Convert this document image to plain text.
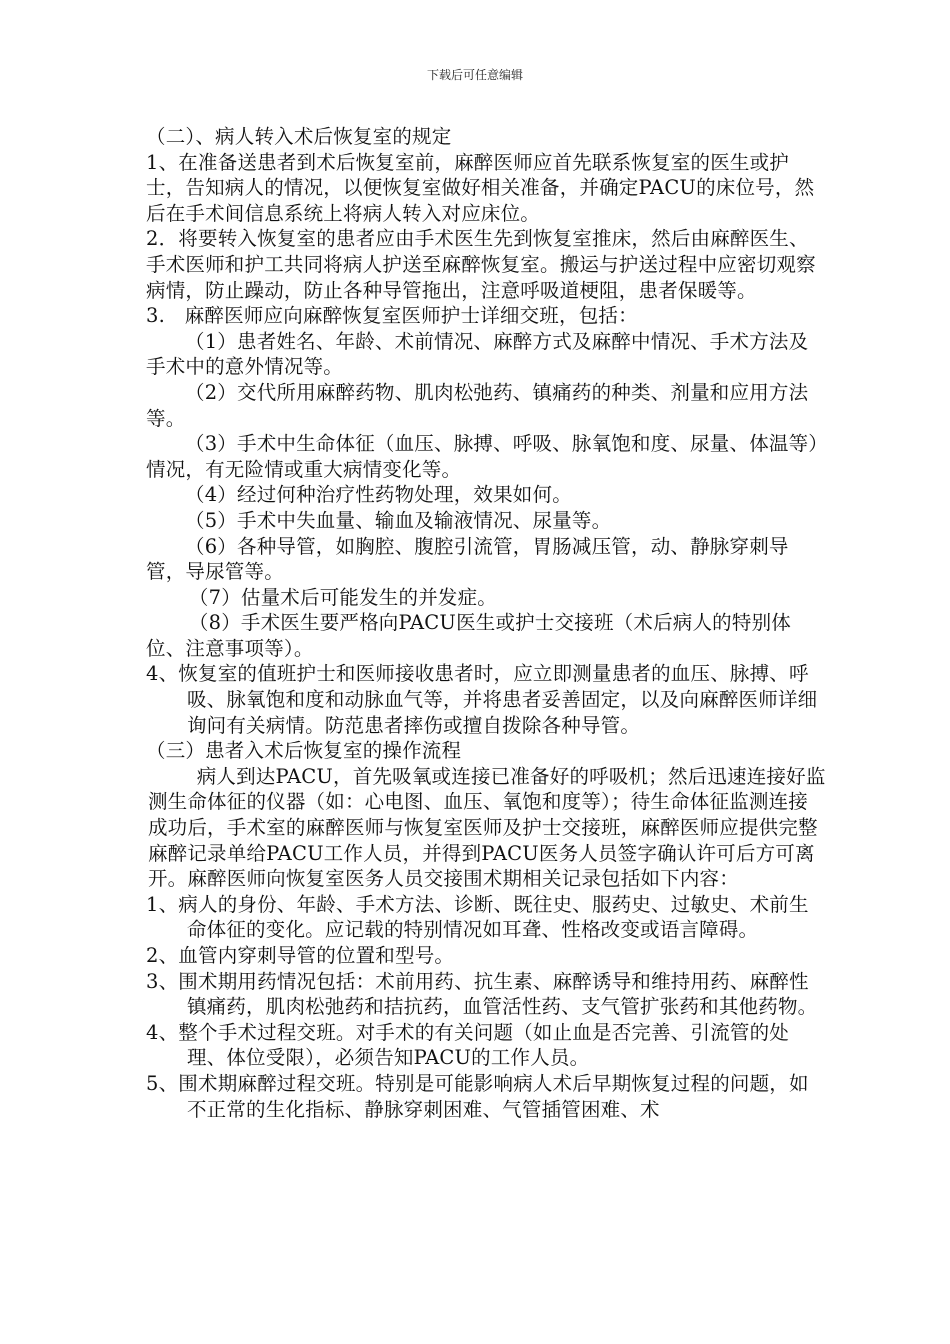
下载后可任意编辑

（二）、病人转入术后恢复室的规定

1、在准备送患者到术后恢复室前，麻醉医师应首先联系恢复室的医生或护士，告知病人的情况，以便恢复室做好相关准备，并确定PACU的床位号，然后在手术间信息系统上将病人转入对应床位。

2．将要转入恢复室的患者应由手术医生先到恢复室推床，然后由麻醉医生、手术医师和护工共同将病人护送至麻醉恢复室。搬运与护送过程中应密切观察病情，防止躁动，防止各种导管拖出，注意呼吸道梗阻，患者保暖等。

3.　麻醉医师应向麻醉恢复室医师护士详细交班，包括：

（1）患者姓名、年龄、术前情况、麻醉方式及麻醉中情况、手术方法及手术中的意外情况等。

（2）交代所用麻醉药物、肌肉松弛药、镇痛药的种类、剂量和应用方法等。

（3）手术中生命体征（血压、脉搏、呼吸、脉氧饱和度、尿量、体温等）情况，有无险情或重大病情变化等。

（4）经过何种治疗性药物处理，效果如何。

（5）手术中失血量、输血及输液情况、尿量等。

（6）各种导管，如胸腔、腹腔引流管，胃肠减压管，动、静脉穿刺导管，导尿管等。

（7）估量术后可能发生的并发症。

（8）手术医生要严格向PACU医生或护士交接班（术后病人的特别体位、注意事项等）。

4、恢复室的值班护士和医师接收患者时，应立即测量患者的血压、脉搏、呼吸、脉氧饱和度和动脉血气等，并将患者妥善固定，以及向麻醉医师详细询问有关病情。防范患者摔伤或擅自拨除各种导管。

（三）患者入术后恢复室的操作流程

病人到达PACU，首先吸氧或连接已准备好的呼吸机；然后迅速连接好监测生命体征的仪器（如：心电图、血压、氧饱和度等）；待生命体征监测连接成功后，手术室的麻醉医师与恢复室医师及护士交接班，麻醉医师应提供完整麻醉记录单给PACU工作人员，并得到PACU医务人员签字确认许可后方可离开。麻醉医师向恢复室医务人员交接围术期相关记录包括如下内容：

1、病人的身份、年龄、手术方法、诊断、既往史、服药史、过敏史、术前生命体征的变化。应记载的特别情况如耳聋、性格改变或语言障碍。

2、血管内穿刺导管的位置和型号。

3、围术期用药情况包括：术前用药、抗生素、麻醉诱导和维持用药、麻醉性镇痛药，肌肉松弛药和拮抗药，血管活性药、支气管扩张药和其他药物。

4、整个手术过程交班。对手术的有关问题（如止血是否完善、引流管的处理、体位受限），必须告知PACU的工作人员。

5、围术期麻醉过程交班。特别是可能影响病人术后早期恢复过程的问题，如不正常的生化指标、静脉穿刺困难、气管插管困难、术
